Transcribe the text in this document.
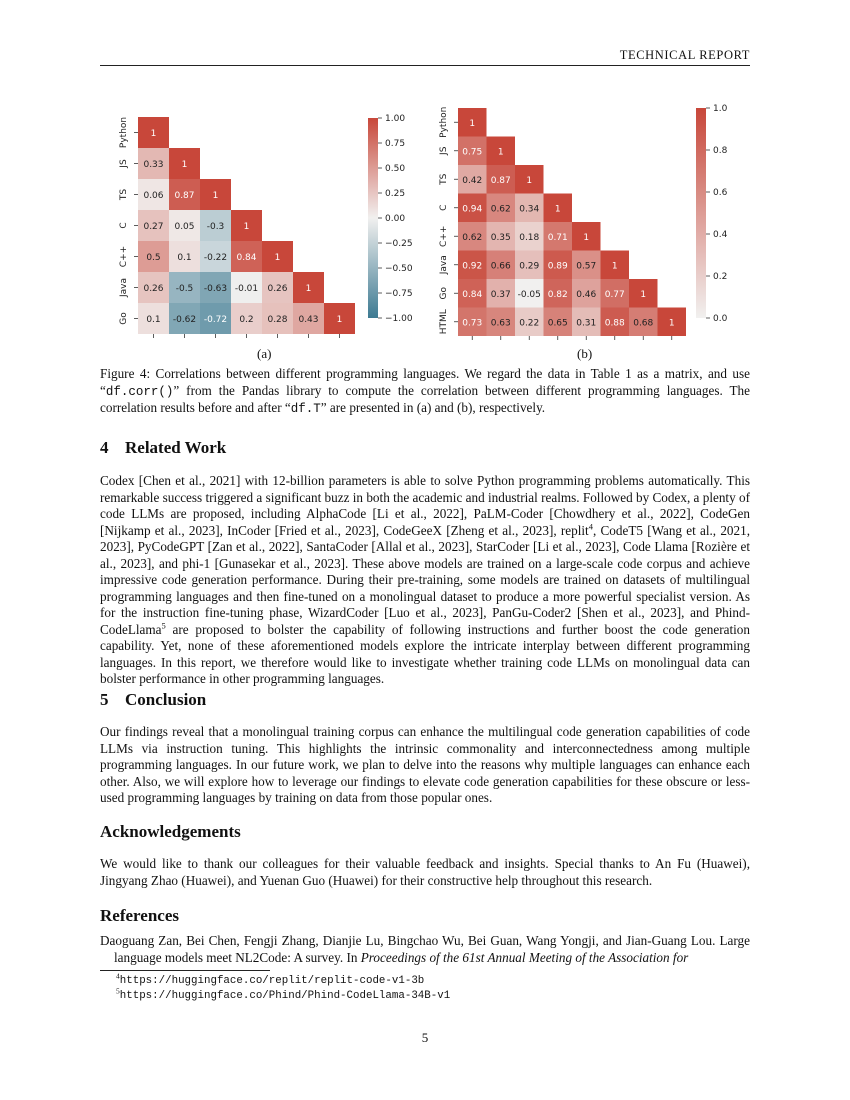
TECHNICAL REPORT
1
0.33 1
0.06 0.87 1
0.27 0.05 -0.3 1
0.5 0.1 -0.22 0.84 1
0.26 -0.5 -0.63 -0.01 0.26 1
0.1 -0.62 -0.72 0.2 0.28 0.43 1
Python
JS
TS
C
C++
Java
Go
1.00
0.75
0.50
0.25
0.00
−0.25
−0.50
−0.75
−1.00
1
0.75 1
0.42 0.87 1
0.94 0.62 0.34 1
0.62 0.35 0.18 0.71 1
0.92 0.66 0.29 0.89 0.57 1
0.84 0.37 -0.05 0.82 0.46 0.77 1
0.73 0.63 0.22 0.65 0.31 0.88 0.68 1
Python
JS
TS
C
C++
Java
Go
HTML
1.0
0.8
0.6
0.4
0.2
0.0
(a)	(b)
Figure 4: Correlations between different programming languages. We regard the data in Table 1 as a matrix, and use “df.corr()” from the Pandas library to compute the correlation between different programming languages. The correlation results before and after “df.T” are presented in (a) and (b), respectively.
4 Related Work

Codex [Chen et al., 2021] with 12-billion parameters is able to solve Python programming problems automatically. This remarkable success triggered a significant buzz in both the academic and industrial realms. Followed by Codex, a plenty of code LLMs are proposed, including AlphaCode [Li et al., 2022], PaLM-Coder [Chowdhery et al., 2022], CodeGen [Nijkamp et al., 2023], InCoder [Fried et al., 2023], CodeGeeX [Zheng et al., 2023], replit$^4$, CodeT5 [Wang et al., 2021, 2023], PyCodeGPT [Zan et al., 2022], SantaCoder [Allal et al., 2023], StarCoder [Li et al., 2023], Code Llama [Rozière et al., 2023], and phi-1 [Gunasekar et al., 2023]. These above models are trained on a large-scale code corpus and achieve impressive code generation performance. During their pre-training, some models are trained on datasets of multilingual programming languages and then fine-tuned on a monolingual dataset to produce a more powerful specialist version. As for the instruction fine-tuning phase, WizardCoder [Luo et al., 2023], PanGu-Coder2 [Shen et al., 2023], and Phind-CodeLlama$^5$ are proposed to bolster the capability of following instructions and further boost the code generation capability. Yet, none of these aforementioned models explore the intricate interplay between different programming languages. In this report, we therefore would like to investigate whether training code LLMs on monolingual data can bolster performance in other programming languages.

5 Conclusion

Our findings reveal that a monolingual training corpus can enhance the multilingual code generation capabilities of code LLMs via instruction tuning. This highlights the intrinsic commonality and interconnectedness among multiple programming languages. In our future work, we plan to delve into the reasons why multiple languages can enhance each other. Also, we will explore how to leverage our findings to elevate code generation capabilities for these obscure or less-used programming languages by training on data from those popular ones.

Acknowledgements

We would like to thank our colleagues for their valuable feedback and insights. Special thanks to An Fu (Huawei), Jingyang Zhao (Huawei), and Yuenan Guo (Huawei) for their constructive help throughout this research.

References
Daoguang Zan, Bei Chen, Fengji Zhang, Dianjie Lu, Bingchao Wu, Bei Guan, Wang Yongji, and Jian-Guang Lou. Large language models meet NL2Code: A survey. In Proceedings of the 61st Annual Meeting of the Association for
$^4$https://huggingface.co/replit/replit-code-v1-3b
$^5$https://huggingface.co/Phind/Phind-CodeLlama-34B-v1
5
